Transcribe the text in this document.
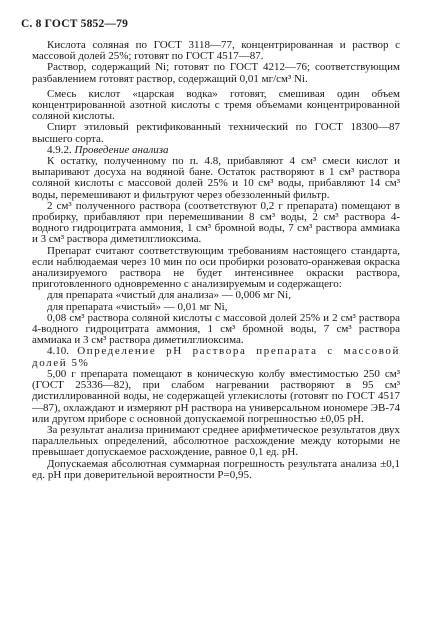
С. 8 ГОСТ 5852—79

Кислота соляная по ГОСТ 3118—77, концентрированная и раствор с массовой долей 25%; готовят по ГОСТ 4517—87.

Раствор, содержащий Ni; готовят по ГОСТ 4212—76; соответствующим разбавлением готовят раствор, содержащий 0,01 мг/см³ Ni.

Смесь кислот «царская водка» готовят, смешивая один объем концентрированной азотной кислоты с тремя объемами концентрированной соляной кислоты.

Спирт этиловый ректификованный технический по ГОСТ 18300—87 высшего сорта.

4.9.2. Проведение анализа

К остатку, полученному по п. 4.8, прибавляют 4 см³ смеси кислот и выпаривают досуха на водяной бане. Остаток растворяют в 1 см³ раствора соляной кислоты с массовой долей 25% и 10 см³ воды, прибавляют 14 см³ воды, перемешивают и фильтруют через обеззоленный фильтр.

2 см³ полученного раствора (соответствуют 0,2 г препарата) помещают в пробирку, прибавляют при перемешивании 8 см³ воды, 2 см³ раствора 4-водного гидроцитрата аммония, 1 см³ бромной воды, 7 см³ раствора аммиака и 3 см³ раствора диметилглиоксима.

Препарат считают соответствующим требованиям настоящего стандарта, если наблюдаемая через 10 мин по оси пробирки розовато-оранжевая окраска анализируемого раствора не будет интенсивнее окраски раствора, приготовленного одновременно с анализируемым и содержащего:

для препарата «чистый для анализа» — 0,006 мг Ni,

для препарата «чистый» — 0,01 мг Ni,

0,08 см³ раствора соляной кислоты с массовой долей 25% и 2 см³ раствора 4-водного гидроцитрата аммония, 1 см³ бромной воды, 7 см³ раствора аммиака и 3 см³ раствора диметилглиоксима.

4.10. Определение рН раствора препарата с массовой долей 5%

5,00 г препарата помещают в коническую колбу вместимостью 250 см³ (ГОСТ 25336—82), при слабом нагревании растворяют в 95 см³ дистиллированной воды, не содержащей углекислоты (готовят по ГОСТ 4517—87), охлаждают и измеряют рН раствора на универсальном иономере ЭВ-74 или другом приборе с основной допускаемой погрешностью ±0,05 рН.

За результат анализа принимают среднее арифметическое результатов двух параллельных определений, абсолютное расхождение между которыми не превышает допускаемое расхождение, равное 0,1 ед. рН.

Допускаемая абсолютная суммарная погрешность результата анализа ±0,1 ед. рН при доверительной вероятности P=0,95.
